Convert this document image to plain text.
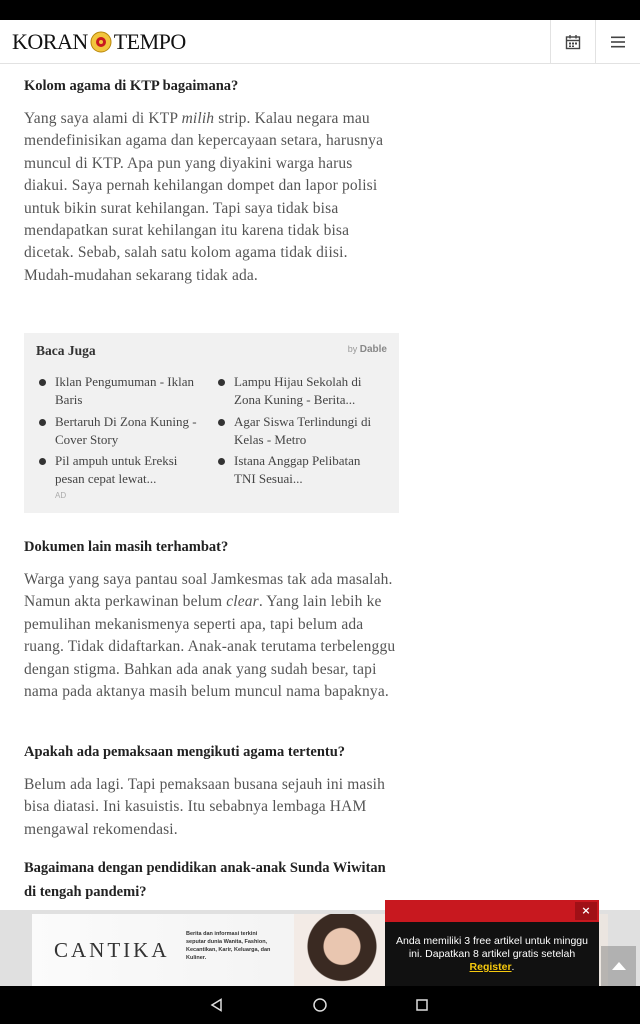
KORAN TEMPO
Kolom agama di KTP bagaimana?
Yang saya alami di KTP milih strip. Kalau negara mau mendefinisikan agama dan kepercayaan setara, harusnya muncul di KTP. Apa pun yang diyakini warga harus diakui. Saya pernah kehilangan dompet dan lapor polisi untuk bikin surat kehilangan. Tapi saya tidak bisa mendapatkan surat kehilangan itu karena tidak bisa dicetak. Sebab, salah satu kolom agama tidak diisi. Mudah-mudahan sekarang tidak ada.
Dokumen lain masih terhambat?
Warga yang saya pantau soal Jamkesmas tak ada masalah. Namun akta perkawinan belum clear. Yang lain lebih ke pemulihan mekanismenya seperti apa, tapi belum ada ruang. Tidak didaftarkan. Anak-anak terutama terbelenggu dengan stigma. Bahkan ada anak yang sudah besar, tapi nama pada aktanya masih belum muncul nama bapaknya.
Apakah ada pemaksaan mengikuti agama tertentu?
Belum ada lagi. Tapi pemaksaan busana sejauh ini masih bisa diatasi. Ini kasuistis. Itu sebabnya lembaga HAM mengawal rekomendasi.
Bagaimana dengan pendidikan anak-anak Sunda Wiwitan di tengah pandemi?
Baca Juga	by Dable
Iklan Pengumuman - Iklan Baris
Lampu Hijau Sekolah di Zona Kuning - Berita...
Bertaruh Di Zona Kuning - Cover Story
Agar Siswa Terlindungi di Kelas - Metro
Pil ampuh untuk Ereksi pesan cepat lewat...
Istana Anggap Pelibatan TNI Sesuai...
AD
CANTIKA
Berita dan informasi terkini seputar dunia Wanita, Fashion, Kecantikan, Karir, Keluarga, dan Kuliner.
×
Anda memiliki 3 free artikel untuk minggu ini. Dapatkan 8 artikel gratis setelah Register.
